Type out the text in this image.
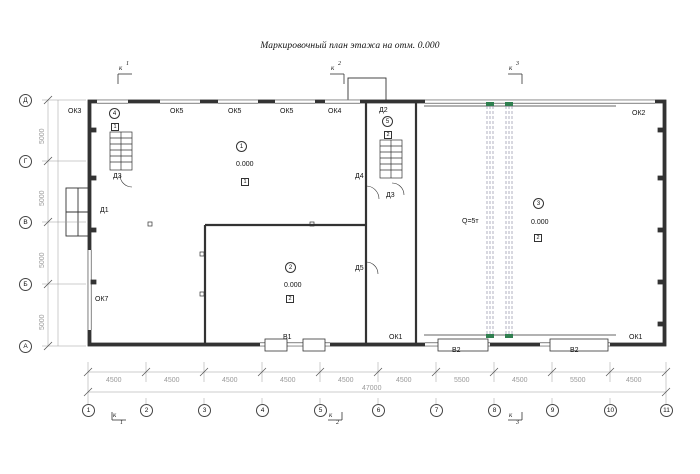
Маркировочный план этажа на отм. 0.000
Д
Г
В
Б
А
5000
5000
5000
5000
1	2	3	4	5	6	7	8	9	10	11
4500	4500	4500	4500	4500	4500	5500	4500	5500	4500
47000
к 1	к 2	к 3
к
1
к
2
к
3
ОК3	ОК5	ОК5	ОК5	ОК4	ОК2
ОК7
В1	ОК1
В2	В2
ОК1
Д3
Д1
Д2
Д4
Д3
Д5
1
0.000
1
2
0.000
2
3
0.000
2
4
1
5
2
Q=5т
